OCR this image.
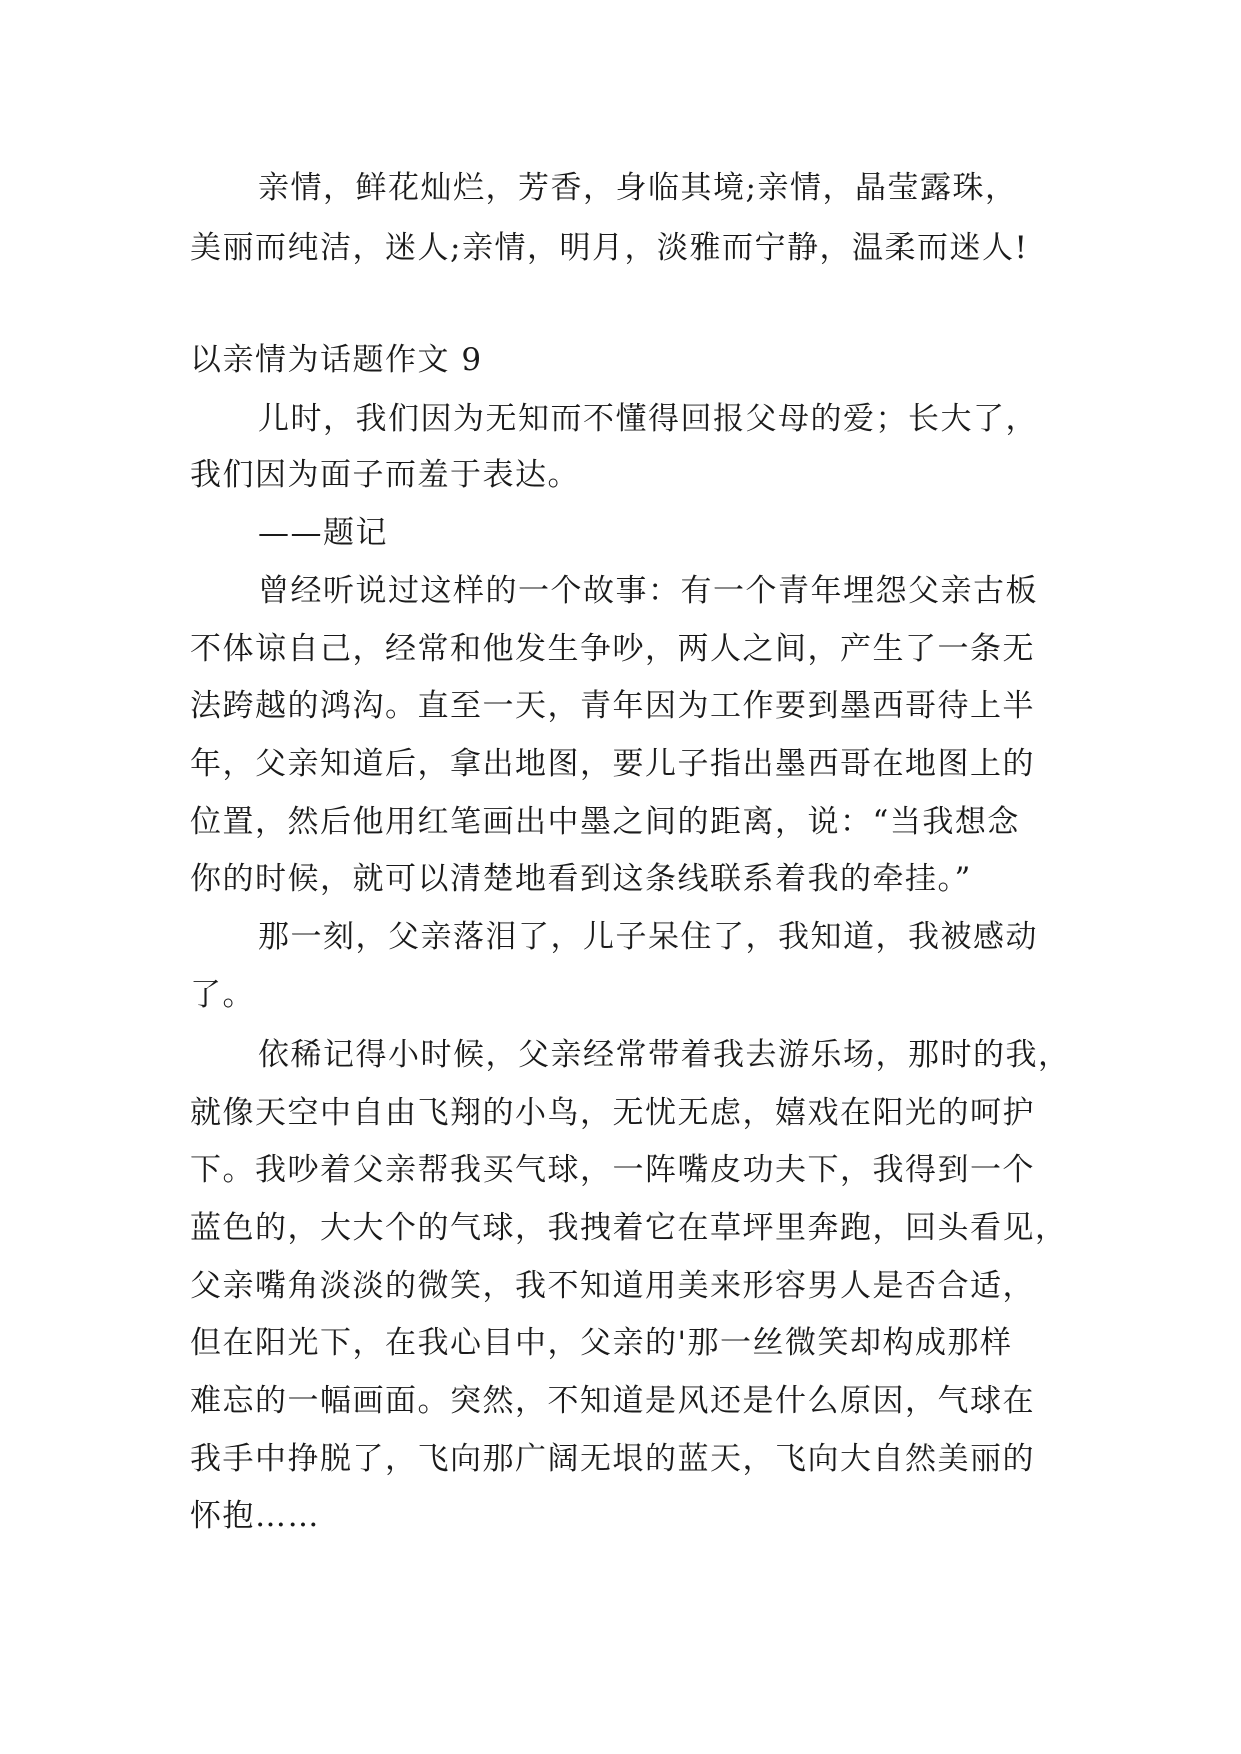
亲情，鲜花灿烂，芳香，身临其境;亲情，晶莹露珠，
美丽而纯洁，迷人;亲情，明月，淡雅而宁静，温柔而迷人!
以亲情为话题作文 9
儿时，我们因为无知而不懂得回报父母的爱；长大了，
我们因为面子而羞于表达。
——题记
曾经听说过这样的一个故事：有一个青年埋怨父亲古板
不体谅自己，经常和他发生争吵，两人之间，产生了一条无
法跨越的鸿沟。直至一天，青年因为工作要到墨西哥待上半
年，父亲知道后，拿出地图，要儿子指出墨西哥在地图上的
位置，然后他用红笔画出中墨之间的距离，说：“当我想念
你的时候，就可以清楚地看到这条线联系着我的牵挂。”
那一刻，父亲落泪了，儿子呆住了，我知道，我被感动
了。
依稀记得小时候，父亲经常带着我去游乐场，那时的我，
就像天空中自由飞翔的小鸟，无忧无虑，嬉戏在阳光的呵护
下。我吵着父亲帮我买气球，一阵嘴皮功夫下，我得到一个
蓝色的，大大个的气球，我拽着它在草坪里奔跑，回头看见，
父亲嘴角淡淡的微笑，我不知道用美来形容男人是否合适，
但在阳光下，在我心目中，父亲的'那一丝微笑却构成那样
难忘的一幅画面。突然，不知道是风还是什么原因，气球在
我手中挣脱了，飞向那广阔无垠的蓝天，飞向大自然美丽的
怀抱……
